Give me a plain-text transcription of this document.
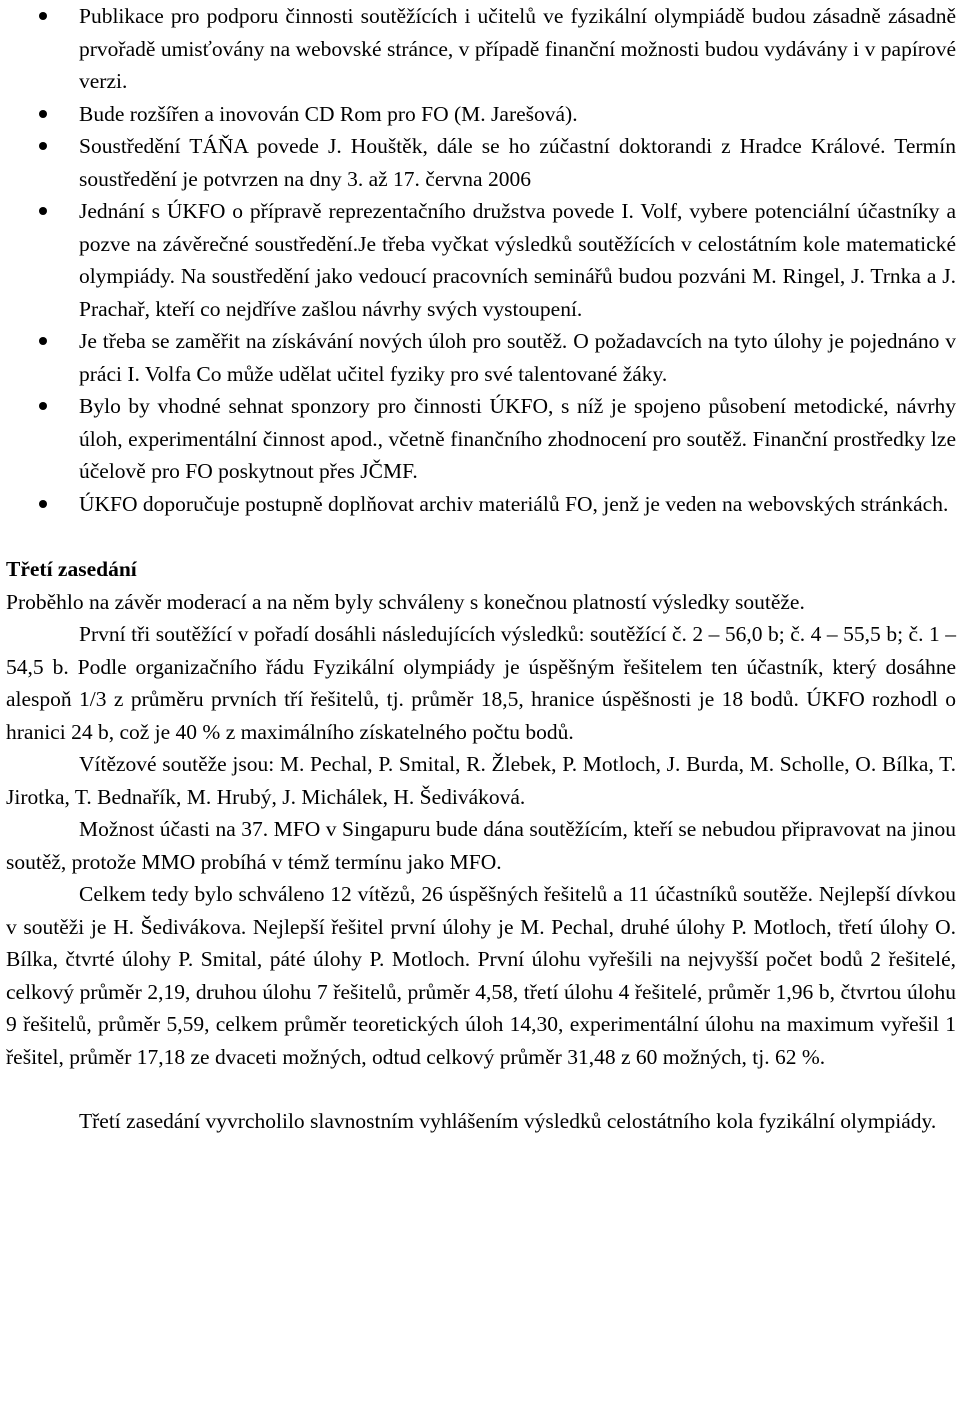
Publikace pro podporu činnosti soutěžících i učitelů ve fyzikální olympiádě budou zásadně zásadně prvořadě umisťovány na webovské stránce, v případě finanční možnosti budou vydávány i v papírové verzi.
Bude rozšířen a inovován CD Rom pro FO (M. Jarešová).
Soustředění TÁŇA povede J. Houštěk, dále se ho zúčastní doktorandi z Hradce Králové. Termín soustředění je potvrzen na dny 3. až 17. června 2006
Jednání s ÚKFO o přípravě reprezentačního družstva povede I. Volf, vybere potenciální účastníky a pozve na závěrečné soustředění.Je třeba vyčkat výsledků soutěžících v celostátním kole matematické olympiády. Na soustředění jako vedoucí pracovních seminářů budou pozváni M. Ringel, J. Trnka a J. Prachař, kteří co nejdříve zašlou návrhy svých vystoupení.
Je třeba se zaměřit na získávání nových úloh pro soutěž. O požadavcích na tyto úlohy je pojednáno v práci I. Volfa Co může udělat učitel fyziky pro své talentované žáky.
Bylo by vhodné sehnat sponzory pro činnosti ÚKFO, s níž je spojeno působení metodické, návrhy úloh, experimentální činnost apod., včetně finančního zhodnocení pro soutěž. Finanční prostředky lze účelově pro FO poskytnout přes JČMF.
ÚKFO doporučuje postupně doplňovat archiv materiálů FO, jenž je veden na webovských stránkách.
Třetí zasedání

Proběhlo na závěr moderací a na něm byly schváleny s konečnou platností výsledky soutěže.

První tři soutěžící v pořadí dosáhli následujících výsledků: soutěžící č. 2 – 56,0 b; č. 4 – 55,5 b; č. 1 – 54,5 b. Podle organizačního řádu Fyzikální olympiády je úspěšným řešitelem ten účastník, který dosáhne alespoň 1/3 z průměru prvních tří řešitelů, tj. průměr 18,5, hranice úspěšnosti je 18 bodů. ÚKFO rozhodl o hranici 24 b, což je 40 % z maximálního získatelného počtu bodů.

Vítězové soutěže jsou: M. Pechal, P. Smital, R. Žlebek, P. Motloch, J. Burda, M. Scholle, O. Bílka, T. Jirotka, T. Bednařík, M. Hrubý, J. Michálek, H. Šediváková.

Možnost účasti na 37. MFO v Singapuru bude dána soutěžícím, kteří se nebudou připravovat na jinou soutěž, protože MMO probíhá v témž termínu jako MFO.

Celkem tedy bylo schváleno 12 vítězů, 26 úspěšných řešitelů a 11 účastníků soutěže. Nejlepší dívkou v soutěži je H. Šedivákova. Nejlepší řešitel první úlohy je M. Pechal, druhé úlohy P. Motloch, třetí úlohy O. Bílka, čtvrté úlohy P. Smital, páté úlohy P. Motloch. První úlohu vyřešili na nejvyšší počet bodů 2 řešitelé, celkový průměr 2,19, druhou úlohu 7 řešitelů, průměr 4,58, třetí úlohu 4 řešitelé, průměr 1,96 b, čtvrtou úlohu 9 řešitelů, průměr 5,59, celkem průměr teoretických úloh 14,30, experimentální úlohu na maximum vyřešil 1 řešitel, průměr 17,18 ze dvaceti možných, odtud celkový průměr 31,48 z 60 možných, tj. 62 %.

Třetí zasedání vyvrcholilo slavnostním vyhlášením výsledků celostátního kola fyzikální olympiády.
